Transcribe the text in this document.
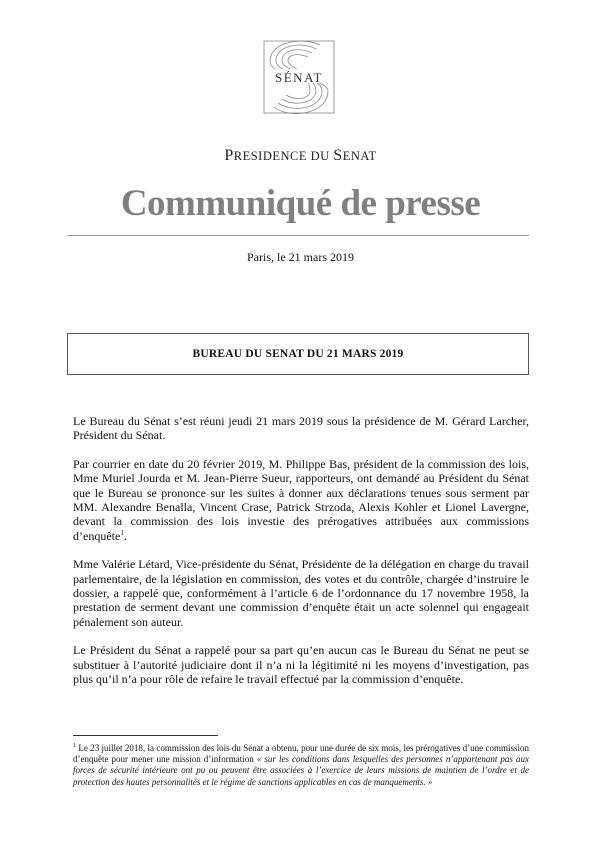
SÉNAT
PRESIDENCE DU SENAT
Communiqué de presse
Paris, le 21 mars 2019
BUREAU DU SENAT DU 21 MARS 2019

Le Bureau du Sénat s’est réuni jeudi 21 mars 2019 sous la présidence de M. Gérard Larcher, Président du Sénat.

Par courrier en date du 20 février 2019, M. Philippe Bas, président de la commission des lois, Mme Muriel Jourda et M. Jean-Pierre Sueur, rapporteurs, ont demandé au Président du Sénat que le Bureau se prononce sur les suites à donner aux déclarations tenues sous serment par MM. Alexandre Benalla, Vincent Crase, Patrick Strzoda, Alexis Kohler et Lionel Lavergne, devant la commission des lois investie des prérogatives attribuées aux commissions d’enquête$^1$.

Mme Valérie Létard, Vice-présidente du Sénat, Présidente de la délégation en charge du travail parlementaire, de la législation en commission, des votes et du contrôle, chargée d’instruire le dossier, a rappelé que, conformément à l’article 6 de l’ordonnance du 17 novembre 1958, la prestation de serment devant une commission d’enquête était un acte solennel qui engageait pénalement son auteur.

Le Président du Sénat a rappelé pour sa part qu’en aucun cas le Bureau du Sénat ne peut se substituer à l’autorité judiciaire dont il n’a ni la légitimité ni les moyens d’investigation, pas plus qu’il n’a pour rôle de refaire le travail effectué par la commission d’enquête.

$^1$ Le 23 juillet 2018, la commission des lois du Sénat a obtenu, pour une durée de six mois, les prérogatives d’une commission d’enquête pour mener une mission d’information « sur les conditions dans lesquelles des personnes n’appartenant pas aux forces de sécurité intérieure ont pu ou peuvent être associées à l’exercice de leurs missions de maintien de l’ordre et de protection des hautes personnalités et le régime de sanctions applicables en cas de manquements. »
